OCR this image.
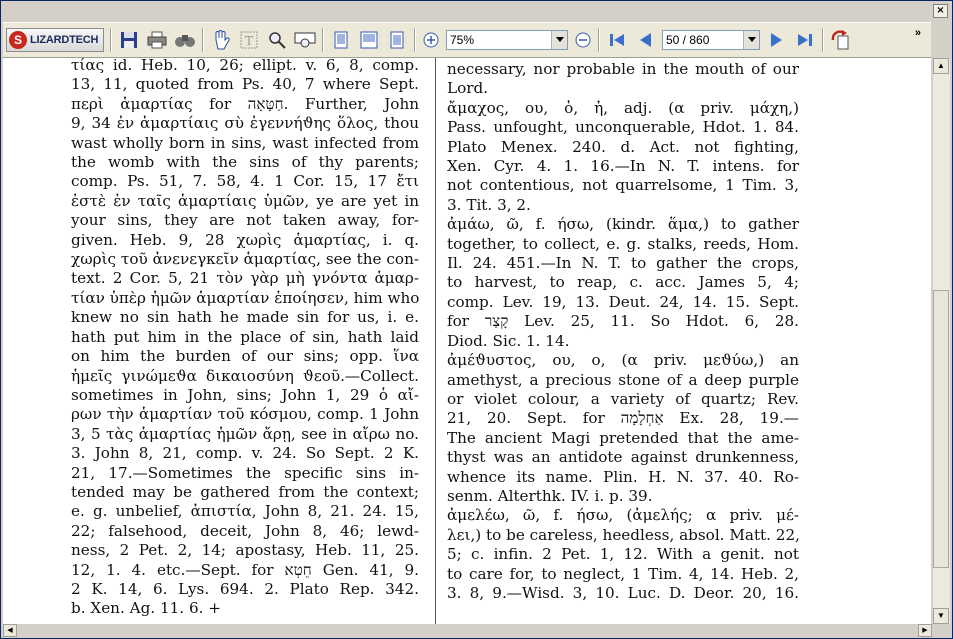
×
S LIZARDTECH	T	75%	50 / 860	»
τίας id. Heb. 10, 26; ellipt. v. 6, 8, comp.
13, 11, quoted from Ps. 40, 7 where Sept.
περὶ ἁμαρτίας for חַטָּאָה. Further, John
9, 34 ἐν ἁμαρτίαις σὺ ἐγεννήϑης ὅλος, thou
wast wholly born in sins, wast infected from
the womb with the sins of thy parents;
comp. Ps. 51, 7. 58, 4. 1 Cor. 15, 17 ἔτι
ἐστὲ ἐν ταῖς ἁμαρτίαις ὑμῶν, ye are yet in
your sins, they are not taken away, for-
given. Heb. 9, 28 χωρὶς ἁμαρτίας, i. q.
χωρὶς τοῦ ἀνενεγκεῖν ἁμαρτίας, see the con-
text. 2 Cor. 5, 21 τὸν γὰρ μὴ γνόντα ἁμαρ-
τίαν ὑπὲρ ἡμῶν ἁμαρτίαν ἐποίησεν, him who
knew no sin hath he made sin for us, i. e.
hath put him in the place of sin, hath laid
on him the burden of our sins; opp. ἵνα
ἡμεῖς γινώμεϑα δικαιοσύνη ϑεοῦ.—Collect.
sometimes in John, sins; John 1, 29 ὁ αἴ-
ρων τὴν ἁμαρτίαν τοῦ κόσμου, comp. 1 John
3, 5 τὰς ἁμαρτίας ἡμῶν ἄρῃ, see in αἴρω no.
3. John 8, 21, comp. v. 24. So Sept. 2 K.
21, 17.—Sometimes the specific sins in-
tended may be gathered from the context;
e. g. unbelief, ἀπιστία, John 8, 21. 24. 15,
22; falsehood, deceit, John 8, 46; lewd-
ness, 2 Pet. 2, 14; apostasy, Heb. 11, 25.
12, 1. 4. etc.—Sept. for חֵטְא Gen. 41, 9.
2 K. 14, 6. Lys. 694. 2. Plato Rep. 342.
b. Xen. Ag. 11. 6. +
necessary, nor probable in the mouth of our
Lord.
ἄμαχος, ου, ὁ, ἡ, adj. (α priv. μάχη,)
Pass. unfought, unconquerable, Hdot. 1. 84.
Plato Menex. 240. d. Act. not fighting,
Xen. Cyr. 4. 1. 16.—In N. T. intens. for
not contentious, not quarrelsome, 1 Tim. 3,
3. Tit. 3, 2.
ἀμάω, ῶ, f. ήσω, (kindr. ἅμα,) to gather
together, to collect, e. g. stalks, reeds, Hom.
Il. 24. 451.—In N. T. to gather the crops,
to harvest, to reap, c. acc. James 5, 4;
comp. Lev. 19, 13. Deut. 24, 14. 15. Sept.
for קָצַר Lev. 25, 11. So Hdot. 6, 28.
Diod. Sic. 1. 14.
ἀμέϑυστος, ου, ο, (α priv. μεϑύω,) an
amethyst, a precious stone of a deep purple
or violet colour, a variety of quartz; Rev.
21, 20. Sept. for אַחְלָמָה Ex. 28, 19.—
The ancient Magi pretended that the ame-
thyst was an antidote against drunkenness,
whence its name. Plin. H. N. 37. 40. Ro-
senm. Alterthk. IV. i. p. 39.
ἀμελέω, ῶ, f. ήσω, (ἀμελής; α priv. μέ-
λει,) to be careless, heedless, absol. Matt. 22,
5; c. infin. 2 Pet. 1, 12. With a genit. not
to care for, to neglect, 1 Tim. 4, 14. Heb. 2,
3. 8, 9.—Wisd. 3, 10. Luc. D. Deor. 20, 16.
▲
▼
◀	▶
